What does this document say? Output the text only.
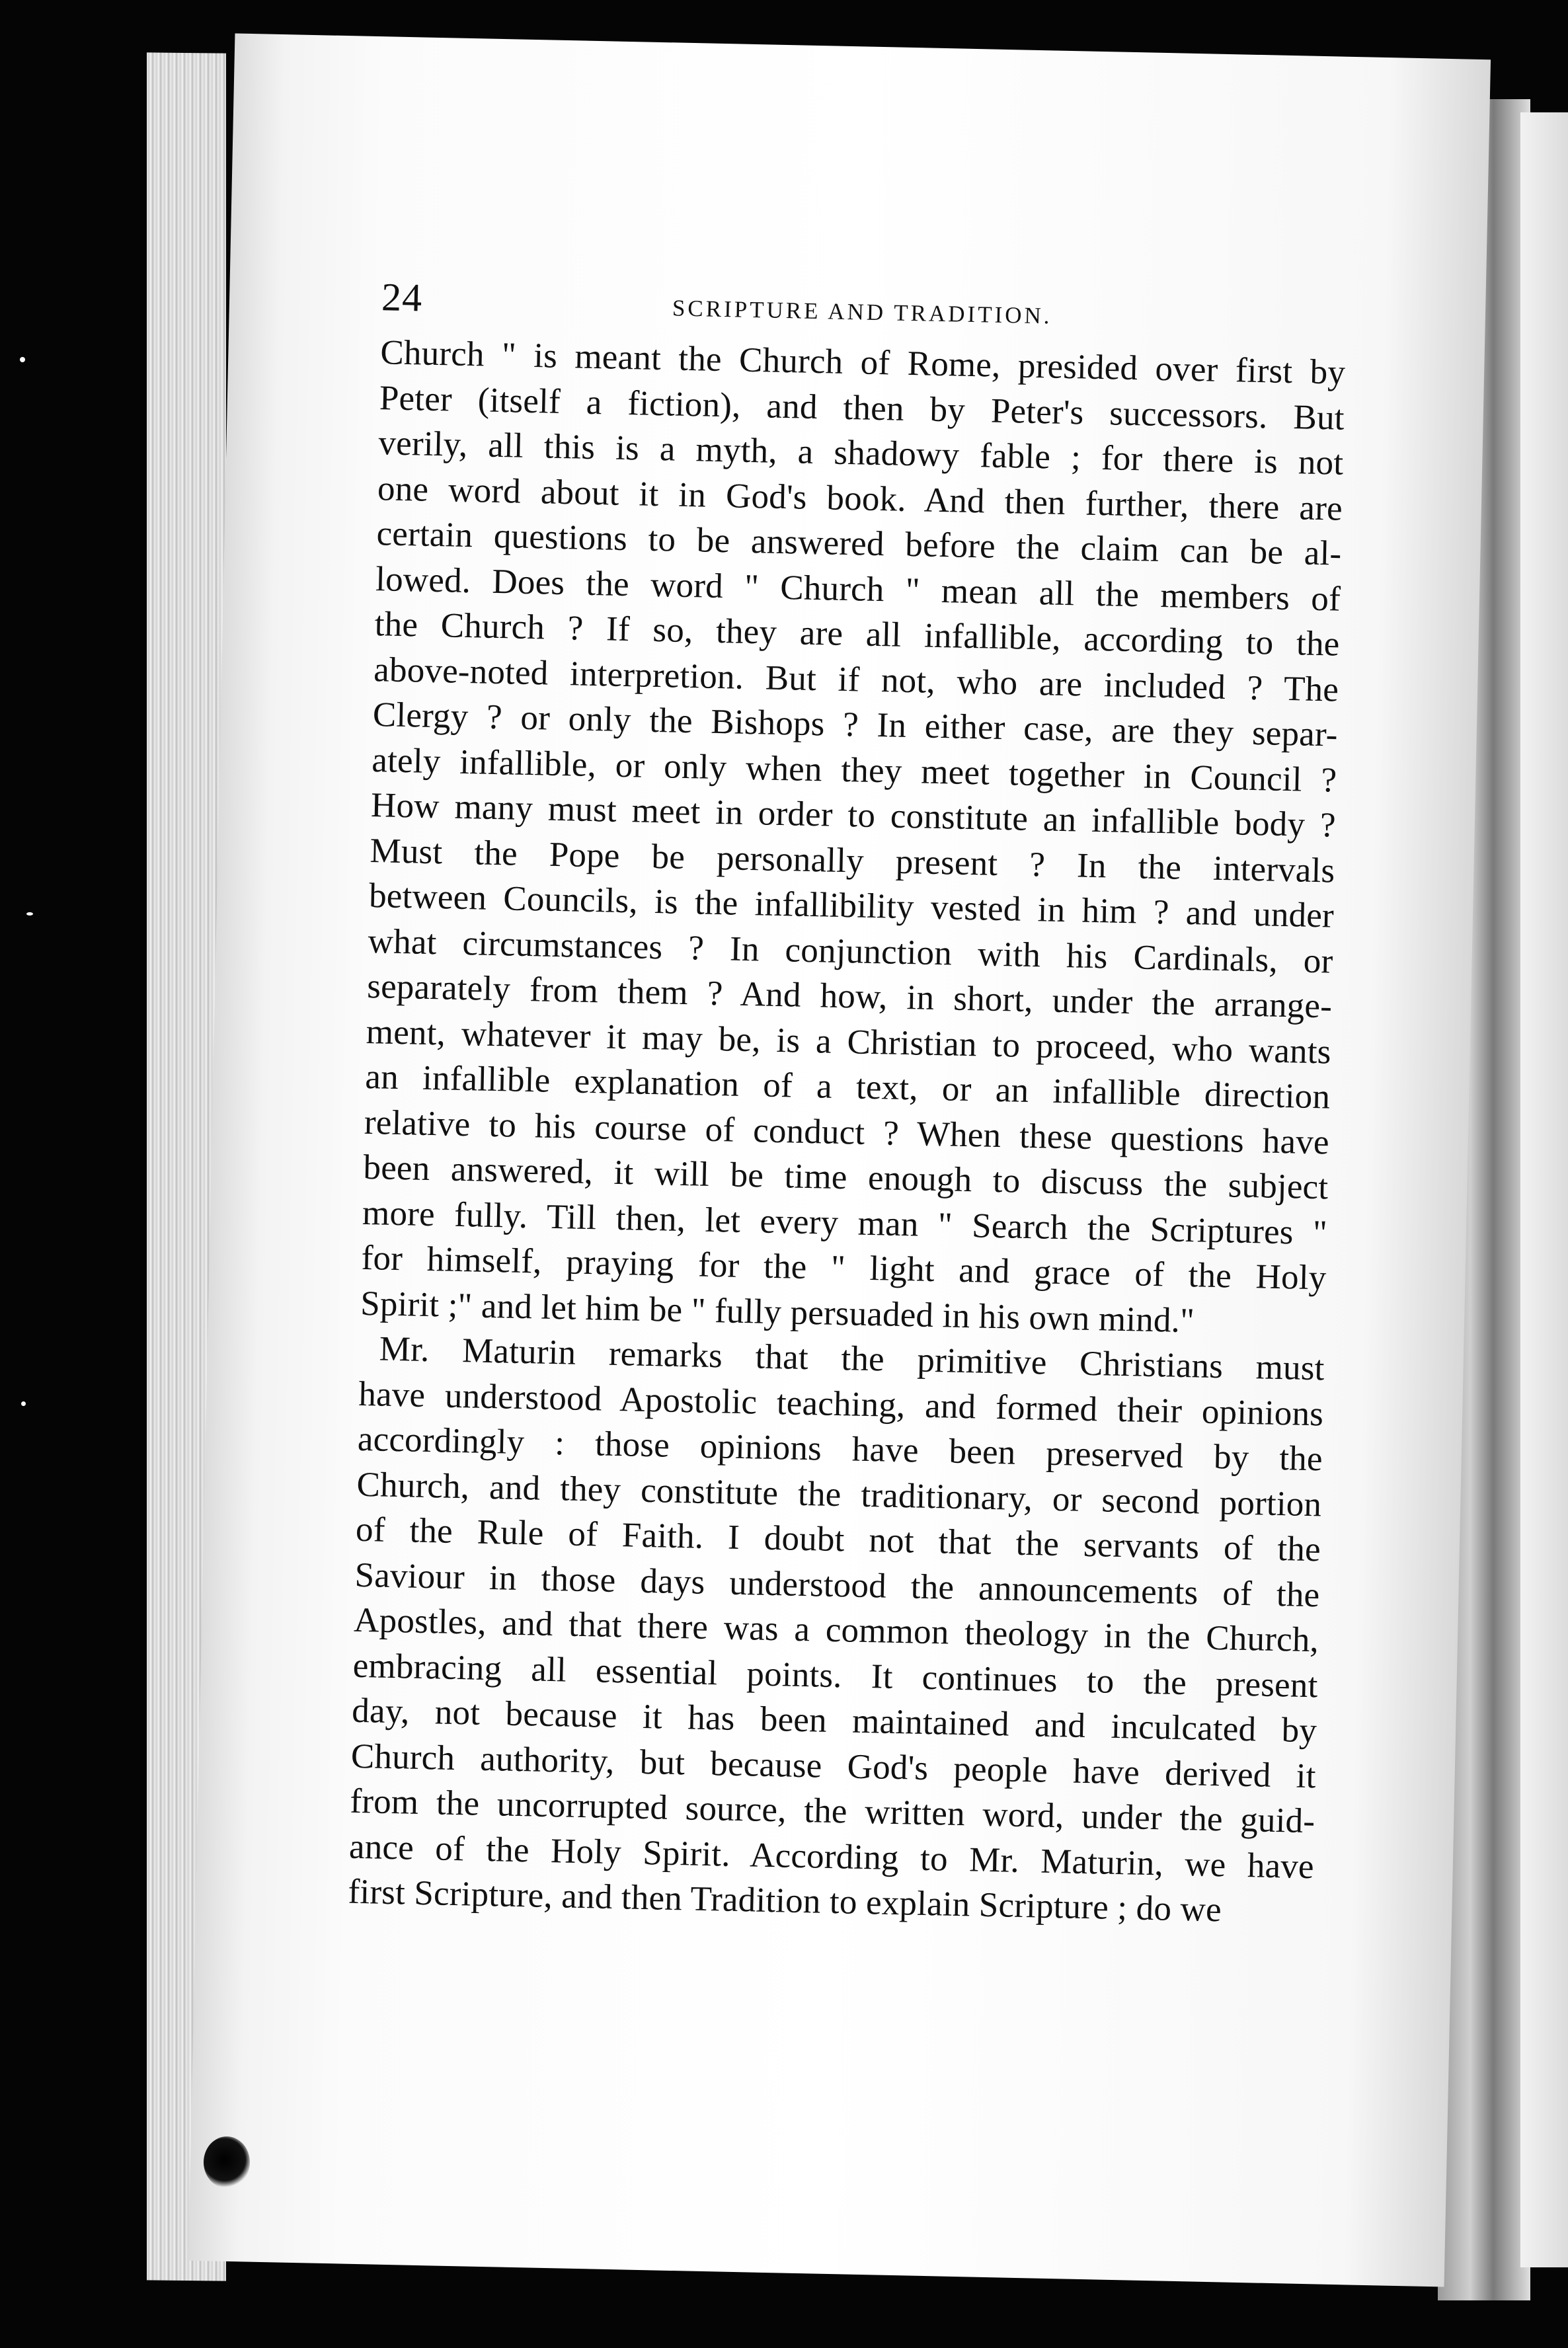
24	SCRIPTURE AND TRADITION.
Church " is meant the Church of Rome, presided over first by
Peter (itself a fiction), and then by Peter's successors. But
verily, all this is a myth, a shadowy fable ; for there is not
one word about it in God's book. And then further, there are
certain questions to be answered before the claim can be al-
lowed. Does the word " Church " mean all the members of
the Church ? If so, they are all infallible, according to the
above-noted interpretion. But if not, who are included ? The
Clergy ? or only the Bishops ? In either case, are they separ-
ately infallible, or only when they meet together in Council ?
How many must meet in order to constitute an infallible body ?
Must the Pope be personally present ? In the intervals
between Councils, is the infallibility vested in him ? and under
what circumstances ? In conjunction with his Cardinals, or
separately from them ? And how, in short, under the arrange-
ment, whatever it may be, is a Christian to proceed, who wants
an infallible explanation of a text, or an infallible direction
relative to his course of conduct ? When these questions have
been answered, it will be time enough to discuss the subject
more fully. Till then, let every man " Search the Scriptures "
for himself, praying for the " light and grace of the Holy
Spirit ;" and let him be " fully persuaded in his own mind."
Mr. Maturin remarks that the primitive Christians must
have understood Apostolic teaching, and formed their opinions
accordingly : those opinions have been preserved by the
Church, and they constitute the traditionary, or second portion
of the Rule of Faith. I doubt not that the servants of the
Saviour in those days understood the announcements of the
Apostles, and that there was a common theology in the Church,
embracing all essential points. It continues to the present
day, not because it has been maintained and inculcated by
Church authority, but because God's people have derived it
from the uncorrupted source, the written word, under the guid-
ance of the Holy Spirit. According to Mr. Maturin, we have
first Scripture, and then Tradition to explain Scripture ; do we
